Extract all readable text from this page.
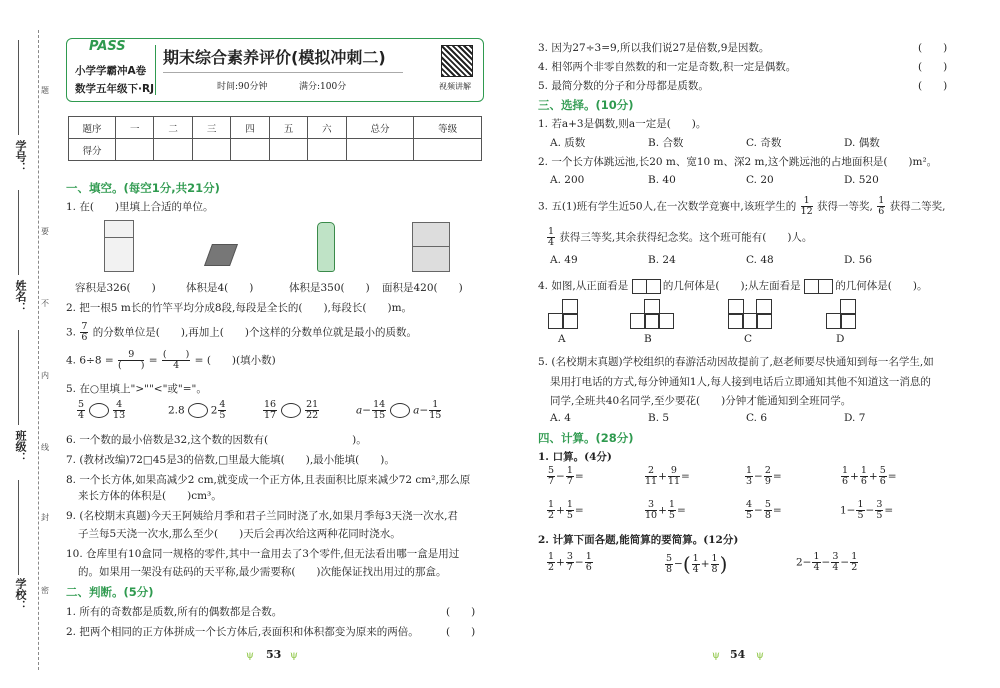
学号：
姓名：
班级：
学校：
题
要
不
内
线
封
密
PASS
小学学霸冲A卷
数学五年级下·RJ
期末综合素养评价(模拟冲刺二)
时间:90分钟	满分:100分	视频讲解
题序	一	二	三	四	五	六	总分	等级
得分								
一、填空。(每空1分,共21分)
1. 在(　　)里填上合适的单位。
容积是326(　　)	体积是4(　　)	体积是350(　　) 面积是420(　　)
2. 把一根5 m长的竹竿平均分成8段,每段是全长的(　　),每段长(　　)m。
3. $\frac{7}{6}$ 的分数单位是(　　),再加上(　　)个这样的分数单位就是最小的质数。
4. $6\div 8 = \frac{9}{( )} = \frac{( )}{4}$ = (　　)(填小数)
5. 在○里填上">""<"或"="。
$\frac{5}{4}$	$\frac{4}{13}$	2.8 $2 \frac{4}{5}$	$\frac{16}{17}$	$\frac{21}{22}$	$a- \frac{14}{15}$	$a- \frac{1}{15}$
6. 一个数的最小倍数是32,这个数的因数有(　　　　　　　　)。
7. (教材改编)72□45是3的倍数,□里最大能填(　　),最小能填(　　)。
8. 一个长方体,如果高减少2 cm,就变成一个正方体,且表面积比原来减少72 cm²,那么原
来长方体的体积是(　　)cm³。
9. (名校期末真题)今天王阿姨给月季和君子兰同时浇了水,如果月季每3天浇一次水,君
子兰每5天浇一次水,那么至少(　　)天后会再次给这两种花同时浇水。
10. 仓库里有10盒同一规格的零件,其中一盒用去了3个零件,但无法看出哪一盒是用过
的。如果用一架没有砝码的天平称,最少需要称(　　)次能保证找出用过的那盒。
二、判断。(5分)
1. 所有的奇数都是质数,所有的偶数都是合数。	(　　)
2. 把两个相同的正方体拼成一个长方体后,表面积和体积都变为原来的两倍。	(　　)
ψ 53 ψ
3. 因为27÷3=9,所以我们说27是倍数,9是因数。	(　　)
4. 相邻两个非零自然数的和一定是奇数,积一定是偶数。	(　　)
5. 最简分数的分子和分母都是质数。	(　　)
三、选择。(10分)
1. 若a+3是偶数,则a一定是(　　)。
A. 质数	B. 合数	C. 奇数	D. 偶数
2. 一个长方体跳远池,长20 m、宽10 m、深2 m,这个跳远池的占地面积是(　　)m²。
A. 200	B. 40	C. 20	D. 520
3. 五(1)班有学生近50人,在一次数学竞赛中,该班学生的 $\frac{1}{12}$ 获得一等奖, $\frac{1}{6}$ 获得二等奖,
$\frac{1}{4}$ 获得三等奖,其余获得纪念奖。这个班可能有(　　)人。
A. 49	B. 24	C. 48	D. 56
4. 如图,从正面看是	的几何体是(　　);从左面看是	的几何体是(　　)。
A	B	C	D
5. (名校期末真题)学校组织的春游活动因故提前了,赵老师要尽快通知到每一名学生,如
果用打电话的方式,每分钟通知1人,每人接到电话后立即通知其他不知道这一消息的
同学,全班共40名同学,至少要花(　　)分钟才能通知到全班同学。
A. 4	B. 5	C. 6	D. 7
四、计算。(28分)
1. 口算。(4分)
$\frac{5}{7} - \frac{1}{7}$ =	$\frac{2}{11} + \frac{9}{11}$ =	$\frac{1}{3} - \frac{2}{9}$ =	$\frac{1}{6} + \frac{1}{6} + \frac{5}{6}$ =
$\frac{1}{2} + \frac{1}{5}$ =	$\frac{3}{10} + \frac{1}{5}$ =	$\frac{4}{5} - \frac{5}{8}$ =	$1- \frac{1}{5} - \frac{3}{5}$ =
2. 计算下面各题,能简算的要简算。(12分)
$\frac{1}{2} + \frac{3}{7} - \frac{1}{6}$	$\frac{5}{8}$ −( $\frac{1}{4} + \frac{1}{8}$ )	$2- \frac{1}{4} - \frac{3}{4} - \frac{1}{2}$
ψ 54 ψ
